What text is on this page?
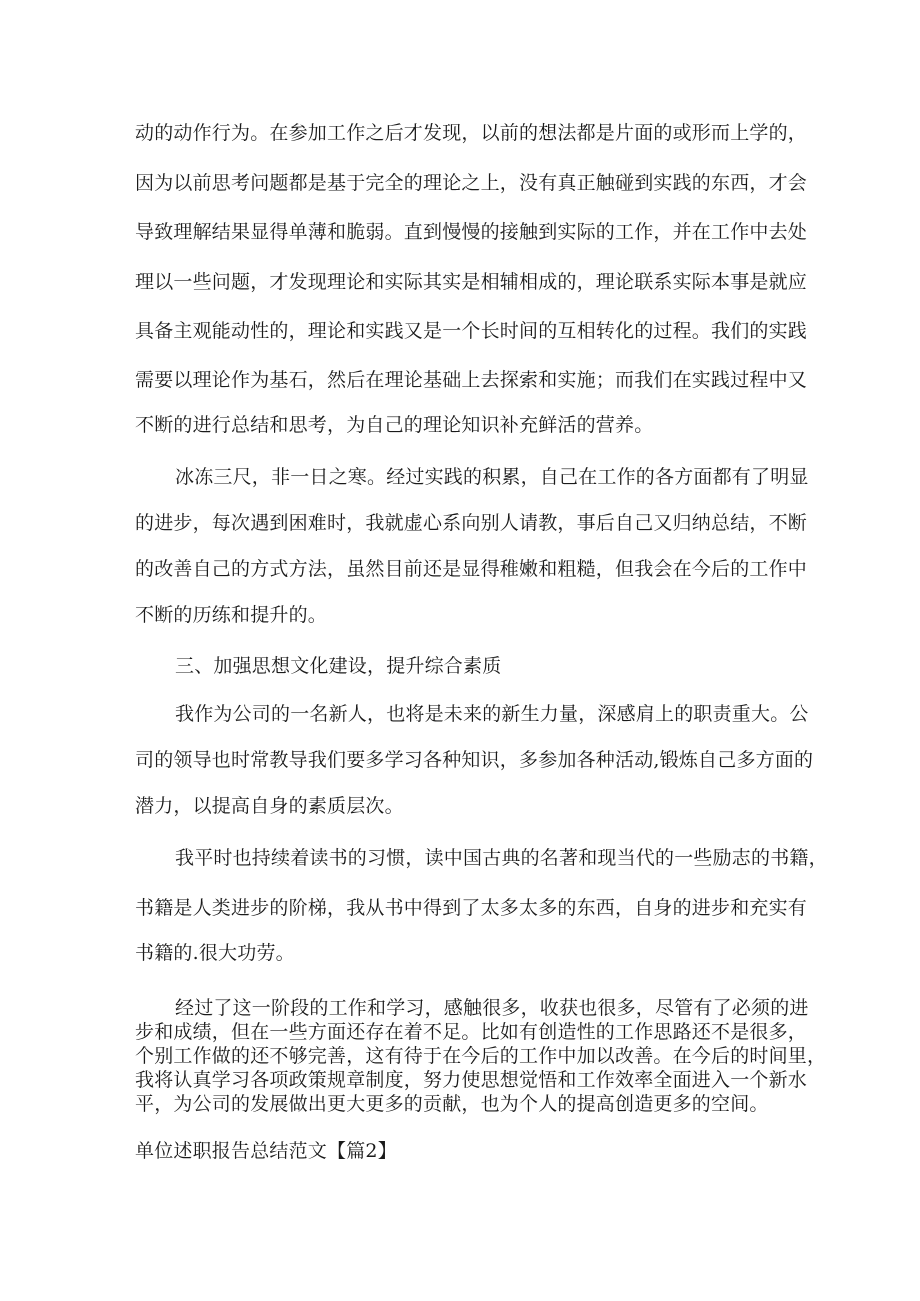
动的动作行为。在参加工作之后才发现，以前的想法都是片面的或形而上学的，
因为以前思考问题都是基于完全的理论之上，没有真正触碰到实践的东西，才会
导致理解结果显得单薄和脆弱。直到慢慢的接触到实际的工作，并在工作中去处
理以一些问题，才发现理论和实际其实是相辅相成的，理论联系实际本事是就应
具备主观能动性的，理论和实践又是一个长时间的互相转化的过程。我们的实践
需要以理论作为基石，然后在理论基础上去探索和实施；而我们在实践过程中又
不断的进行总结和思考，为自己的理论知识补充鲜活的营养。
冰冻三尺，非一日之寒。经过实践的积累，自己在工作的各方面都有了明显
的进步，每次遇到困难时，我就虚心系向别人请教，事后自己又归纳总结，不断
的改善自己的方式方法，虽然目前还是显得稚嫩和粗糙，但我会在今后的工作中
不断的历练和提升的。
三、加强思想文化建设，提升综合素质
我作为公司的一名新人，也将是未来的新生力量，深感肩上的职责重大。公
司的领导也时常教导我们要多学习各种知识，多参加各种活动,锻炼自己多方面的
潜力，以提高自身的素质层次。
我平时也持续着读书的习惯，读中国古典的名著和现当代的一些励志的书籍，
书籍是人类进步的阶梯，我从书中得到了太多太多的东西，自身的进步和充实有
书籍的.很大功劳。
经过了这一阶段的工作和学习，感触很多，收获也很多，尽管有了必须的进
步和成绩，但在一些方面还存在着不足。比如有创造性的工作思路还不是很多，
个别工作做的还不够完善，这有待于在今后的工作中加以改善。在今后的时间里，
我将认真学习各项政策规章制度，努力使思想觉悟和工作效率全面进入一个新水
平，为公司的发展做出更大更多的贡献，也为个人的提高创造更多的空间。
单位述职报告总结范文【篇2】
